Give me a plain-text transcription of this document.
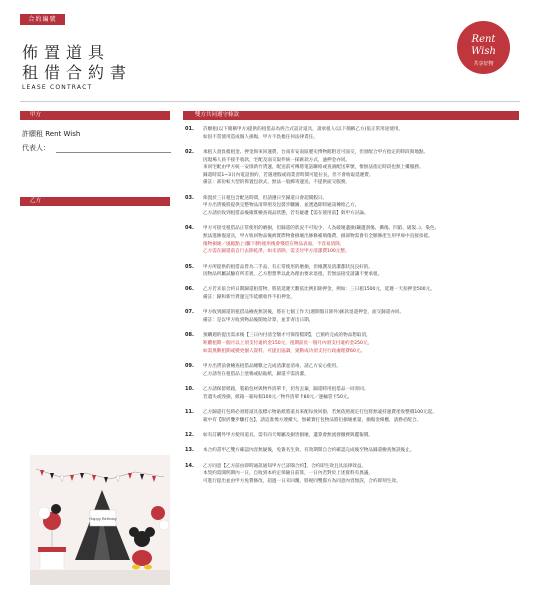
合約編號
佈置道具
租借合約書
LEASE CONTRACT
Rent
Wish
共享好物
甲方
許願租 Rent Wish
代表人：
乙方
雙方共同遵守條款
01. 許願租(以下簡稱甲方)提供的租借品為經合式設計道具，請承租人(以下簡稱乙方)依正常用途使用。
如因不當使用造成個人損傷，甲方不負擔任何法律責任。
02. 承租人須負擔租金、押金與來回運費，台南市安南區歷史博物館附近可面交，但須配合甲方指定的時段與地點。
因現場人員不接手收款，宅配及面交取件統一採匯款方式，逾押金亦同。
來回宅配由甲方統一安排新竹貨運，配送前可傳將電話聯絡或查詢配送單號，惟無法指定時段也無上樓服務。
歸還時需1~3日內電話預約，若遇連假或商業習時間可能拉長，但不會收取延遲費。
備註：部份較大型的佈置包款式，無法一般郵寄運送，不提供面交服務。
03. 佈置於三日租包含配送時間，但請遵日至歸還日會超開假日。
甲方出貨後將提供完整物品清單照及包裝步驟圖，並透過即時通訊傳給乙方。
乙方請於收到租借品後確實檢查商品狀態，若有疑慮【需在使用前】與甲方討論。
04. 甲方可接受租借品正常使用的磨損，但歸還的狀況不可短少，人為破壞遺損(鑲邊刮傷、撕傷、凹陷、破裂..)、染色、
無法進修復道具，甲方收回物品後被實際物會損壞出修修補填傷費，損部物需會有全額修產生用甲庫中直接扣抵。
傷物損壞／風鬆點上(驅下膠)使用後會殘留在物品表面，不容易清除，
乙方需在歸還前自行去除乾淨，如未清除，需支付甲方清潔費100元整。
05. 甲方所提供的租借品皆為二手品，有正常使用的磨損，但維護及清潔都狀況良好的。
因物品所屬試驗有所差異，乙方想想準以此為理由要求退租，若無法接受請讓不要承租。
06. 乙方若未依合約日期歸還租借物，將依延遲天數依比例扣除押金，例如：三日租1500元，延遲一天扣押金500元。
備註：歸和新竹貨運完毕延續收件不扣押金。
07. 甲方收到歸還的租借品檢查無誤後，將在七個工作天(週期假日除外)匯款退還押金，面交歸還亦同。
備註：是以甲方收到物品後開始計算，並非寄出日期。
08. 預購週的提出需求後【三日內付清全額才可保留檔期】，已預約完成的物品想取消，
距離租期一個月以上須支付違約金150元，租期前於一個月內須支付違約金250元，
如需異動租期或變更個人資料，可提出協調，異動成功須支付行政處理費60元。
09. 甲方出貨前會檢查租借品總數之完成清潔並消毒，請乙方安心使用。
乙方請勿在租借品上塗鴉或貼貼紙，歸還不需清潔。
10. 乙方請保留紙箱，裝箱包材與物件清單卡，切勿丟棄，歸還時用租借品一同寄回。
若遺失或毀損，紙箱一箱每個100元／物件清單卡80元／運輸袋卡50元。
11. 乙方歸還打包時必須將道具依標示物貼紙將道具來配每放回掛，若無依照規定打包將無違持運費產收整價100元起。
箱中有【限折疊步驟打包】，請這准像方連續大，無確實打包物品將衍損壞重量，損傷金相應，請務必配合。
12. 如有訂購外甲方使用道具，需有向天爆屬及損害損壞，遺算會無流發撤裡與鑑報價。
13. 本合約書甲乙雙方確認內容無疑後，免簽名生效，有效期間自合約確認完成後至物品歸還檢查無誤後止。
14. 乙方同意【乙方前由即時通訊通知甲方已詳閱合約】，合約即生效且具法律效益。
本契約需開明期內一日，自收到本約定保險日前算，一日內若對於上述資料有異議，
可進行提出並由甲方免費修改，超過一日未回覆，將視同雙都方為同意內容無誤，合約即刻生效。
Happy Birthday
